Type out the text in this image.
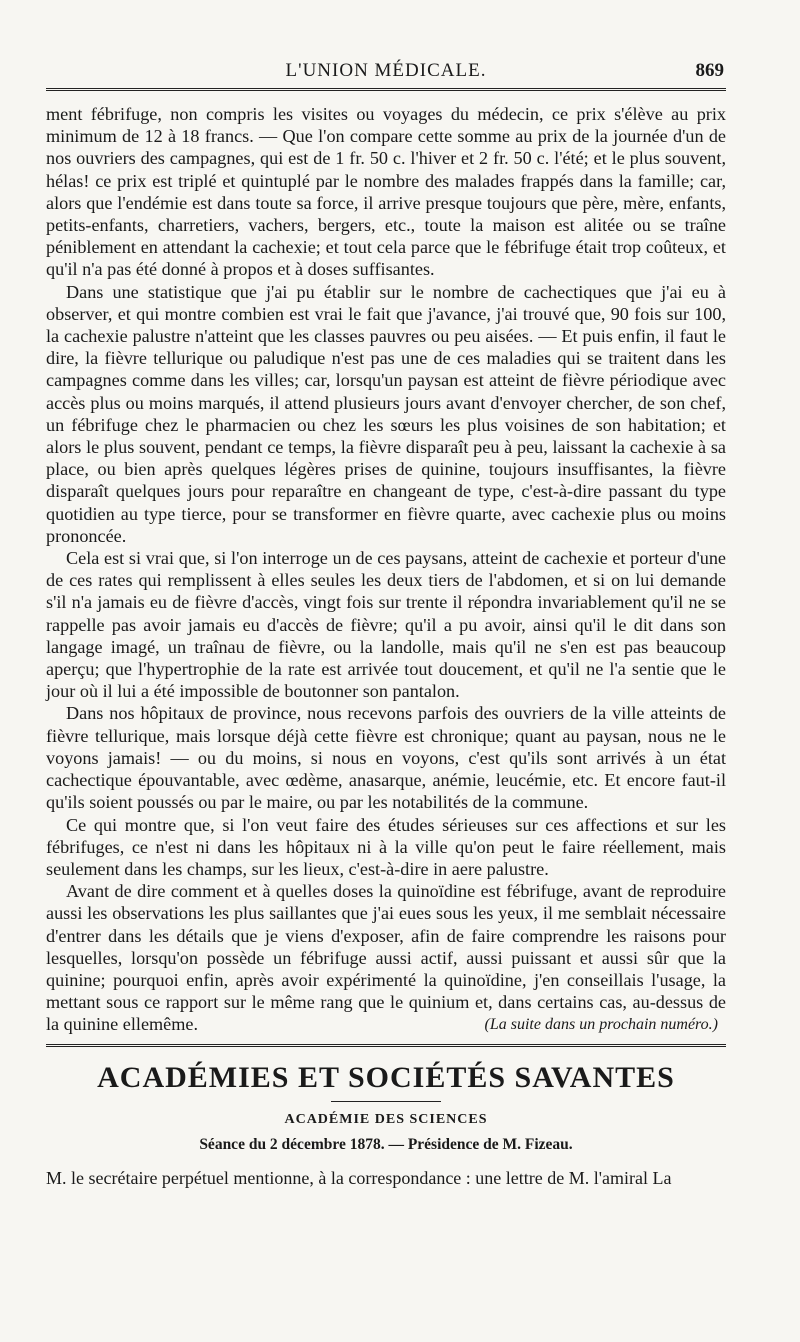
L'UNION MÉDICALE.	869

ment fébrifuge, non compris les visites ou voyages du médecin, ce prix s'élève au prix minimum de 12 à 18 francs. — Que l'on compare cette somme au prix de la journée d'un de nos ouvriers des campagnes, qui est de 1 fr. 50 c. l'hiver et 2 fr. 50 c. l'été; et le plus souvent, hélas! ce prix est triplé et quintuplé par le nombre des malades frappés dans la famille; car, alors que l'endémie est dans toute sa force, il arrive presque toujours que père, mère, enfants, petits-enfants, charretiers, vachers, bergers, etc., toute la maison est alitée ou se traîne péniblement en attendant la cachexie; et tout cela parce que le fébrifuge était trop coûteux, et qu'il n'a pas été donné à propos et à doses suffisantes.

Dans une statistique que j'ai pu établir sur le nombre de cachectiques que j'ai eu à observer, et qui montre combien est vrai le fait que j'avance, j'ai trouvé que, 90 fois sur 100, la cachexie palustre n'atteint que les classes pauvres ou peu aisées. — Et puis enfin, il faut le dire, la fièvre tellurique ou paludique n'est pas une de ces maladies qui se traitent dans les campagnes comme dans les villes; car, lorsqu'un paysan est atteint de fièvre périodique avec accès plus ou moins marqués, il attend plusieurs jours avant d'envoyer chercher, de son chef, un fébrifuge chez le pharmacien ou chez les sœurs les plus voisines de son habitation; et alors le plus souvent, pendant ce temps, la fièvre disparaît peu à peu, laissant la cachexie à sa place, ou bien après quelques légères prises de quinine, toujours insuffisantes, la fièvre disparaît quelques jours pour reparaître en changeant de type, c'est-à-dire passant du type quotidien au type tierce, pour se transformer en fièvre quarte, avec cachexie plus ou moins prononcée.

Cela est si vrai que, si l'on interroge un de ces paysans, atteint de cachexie et porteur d'une de ces rates qui remplissent à elles seules les deux tiers de l'abdomen, et si on lui demande s'il n'a jamais eu de fièvre d'accès, vingt fois sur trente il répondra invariablement qu'il ne se rappelle pas avoir jamais eu d'accès de fièvre; qu'il a pu avoir, ainsi qu'il le dit dans son langage imagé, un traînau de fièvre, ou la landolle, mais qu'il ne s'en est pas beaucoup aperçu; que l'hypertrophie de la rate est arrivée tout doucement, et qu'il ne l'a sentie que le jour où il lui a été impossible de boutonner son pantalon.

Dans nos hôpitaux de province, nous recevons parfois des ouvriers de la ville atteints de fièvre tellurique, mais lorsque déjà cette fièvre est chronique; quant au paysan, nous ne le voyons jamais! — ou du moins, si nous en voyons, c'est qu'ils sont arrivés à un état cachectique épouvantable, avec œdème, anasarque, anémie, leucémie, etc. Et encore faut-il qu'ils soient poussés ou par le maire, ou par les notabilités de la commune.

Ce qui montre que, si l'on veut faire des études sérieuses sur ces affections et sur les fébrifuges, ce n'est ni dans les hôpitaux ni à la ville qu'on peut le faire réellement, mais seulement dans les champs, sur les lieux, c'est-à-dire in aere palustre.

Avant de dire comment et à quelles doses la quinoïdine est fébrifuge, avant de reproduire aussi les observations les plus saillantes que j'ai eues sous les yeux, il me semblait nécessaire d'entrer dans les détails que je viens d'exposer, afin de faire comprendre les raisons pour lesquelles, lorsqu'on possède un fébrifuge aussi actif, aussi puissant et aussi sûr que la quinine; pourquoi enfin, après avoir expérimenté la quinoïdine, j'en conseillais l'usage, la mettant sous ce rapport sur le même rang que le quinium et, dans certains cas, au-dessus de la quinine ellemême.	(La suite dans un prochain numéro.)
ACADÉMIES ET SOCIÉTÉS SAVANTES
ACADÉMIE DES SCIENCES
Séance du 2 décembre 1878. — Présidence de M. Fizeau.
M. le secrétaire perpétuel mentionne, à la correspondance : une lettre de M. l'amiral La
